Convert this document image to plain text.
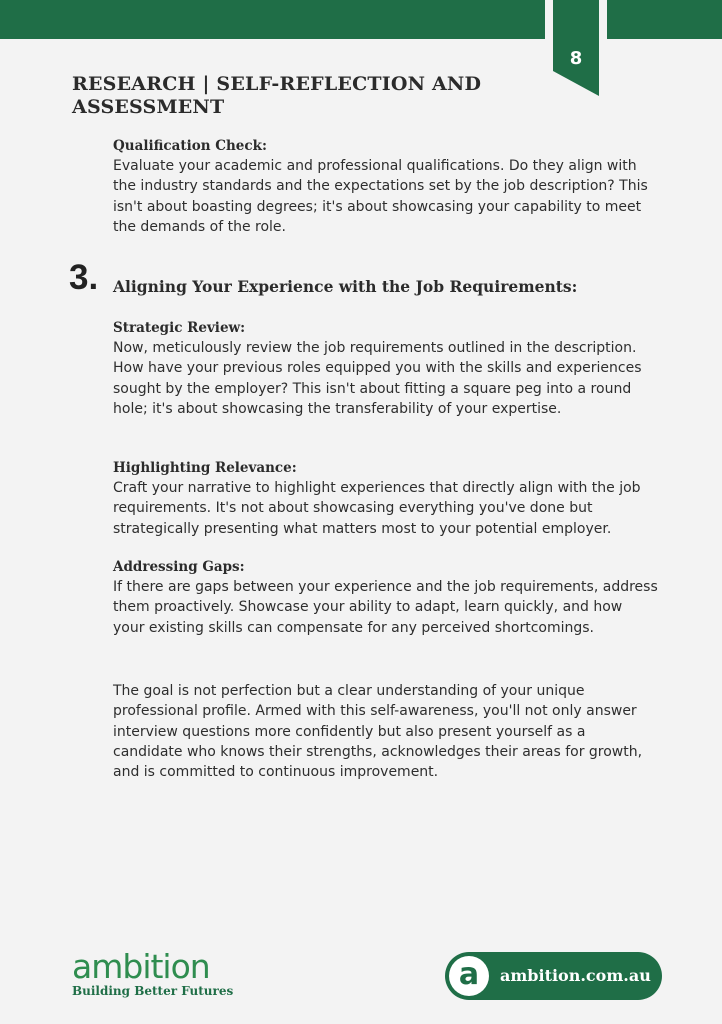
8
RESEARCH | SELF-REFLECTION AND ASSESSMENT
Qualification Check:

Evaluate your academic and professional qualifications. Do they align with the industry standards and the expectations set by the job description? This isn't about boasting degrees; it's about showcasing your capability to meet the demands of the role.

3. Aligning Your Experience with the Job Requirements:
Strategic Review:

Now, meticulously review the job requirements outlined in the description. How have your previous roles equipped you with the skills and experiences sought by the employer? This isn't about fitting a square peg into a round hole; it's about showcasing the transferability of your expertise.

Highlighting Relevance:

Craft your narrative to highlight experiences that directly align with the job requirements. It's not about showcasing everything you've done but strategically presenting what matters most to your potential employer.

Addressing Gaps:

If there are gaps between your experience and the job requirements, address them proactively. Showcase your ability to adapt, learn quickly, and how your existing skills can compensate for any perceived shortcomings.

The goal is not perfection but a clear understanding of your unique professional profile. Armed with this self-awareness, you'll not only answer interview questions more confidently but also present yourself as a candidate who knows their strengths, acknowledges their areas for growth, and is committed to continuous improvement.

ambition
Building Better Futures	a	ambition.com.au
